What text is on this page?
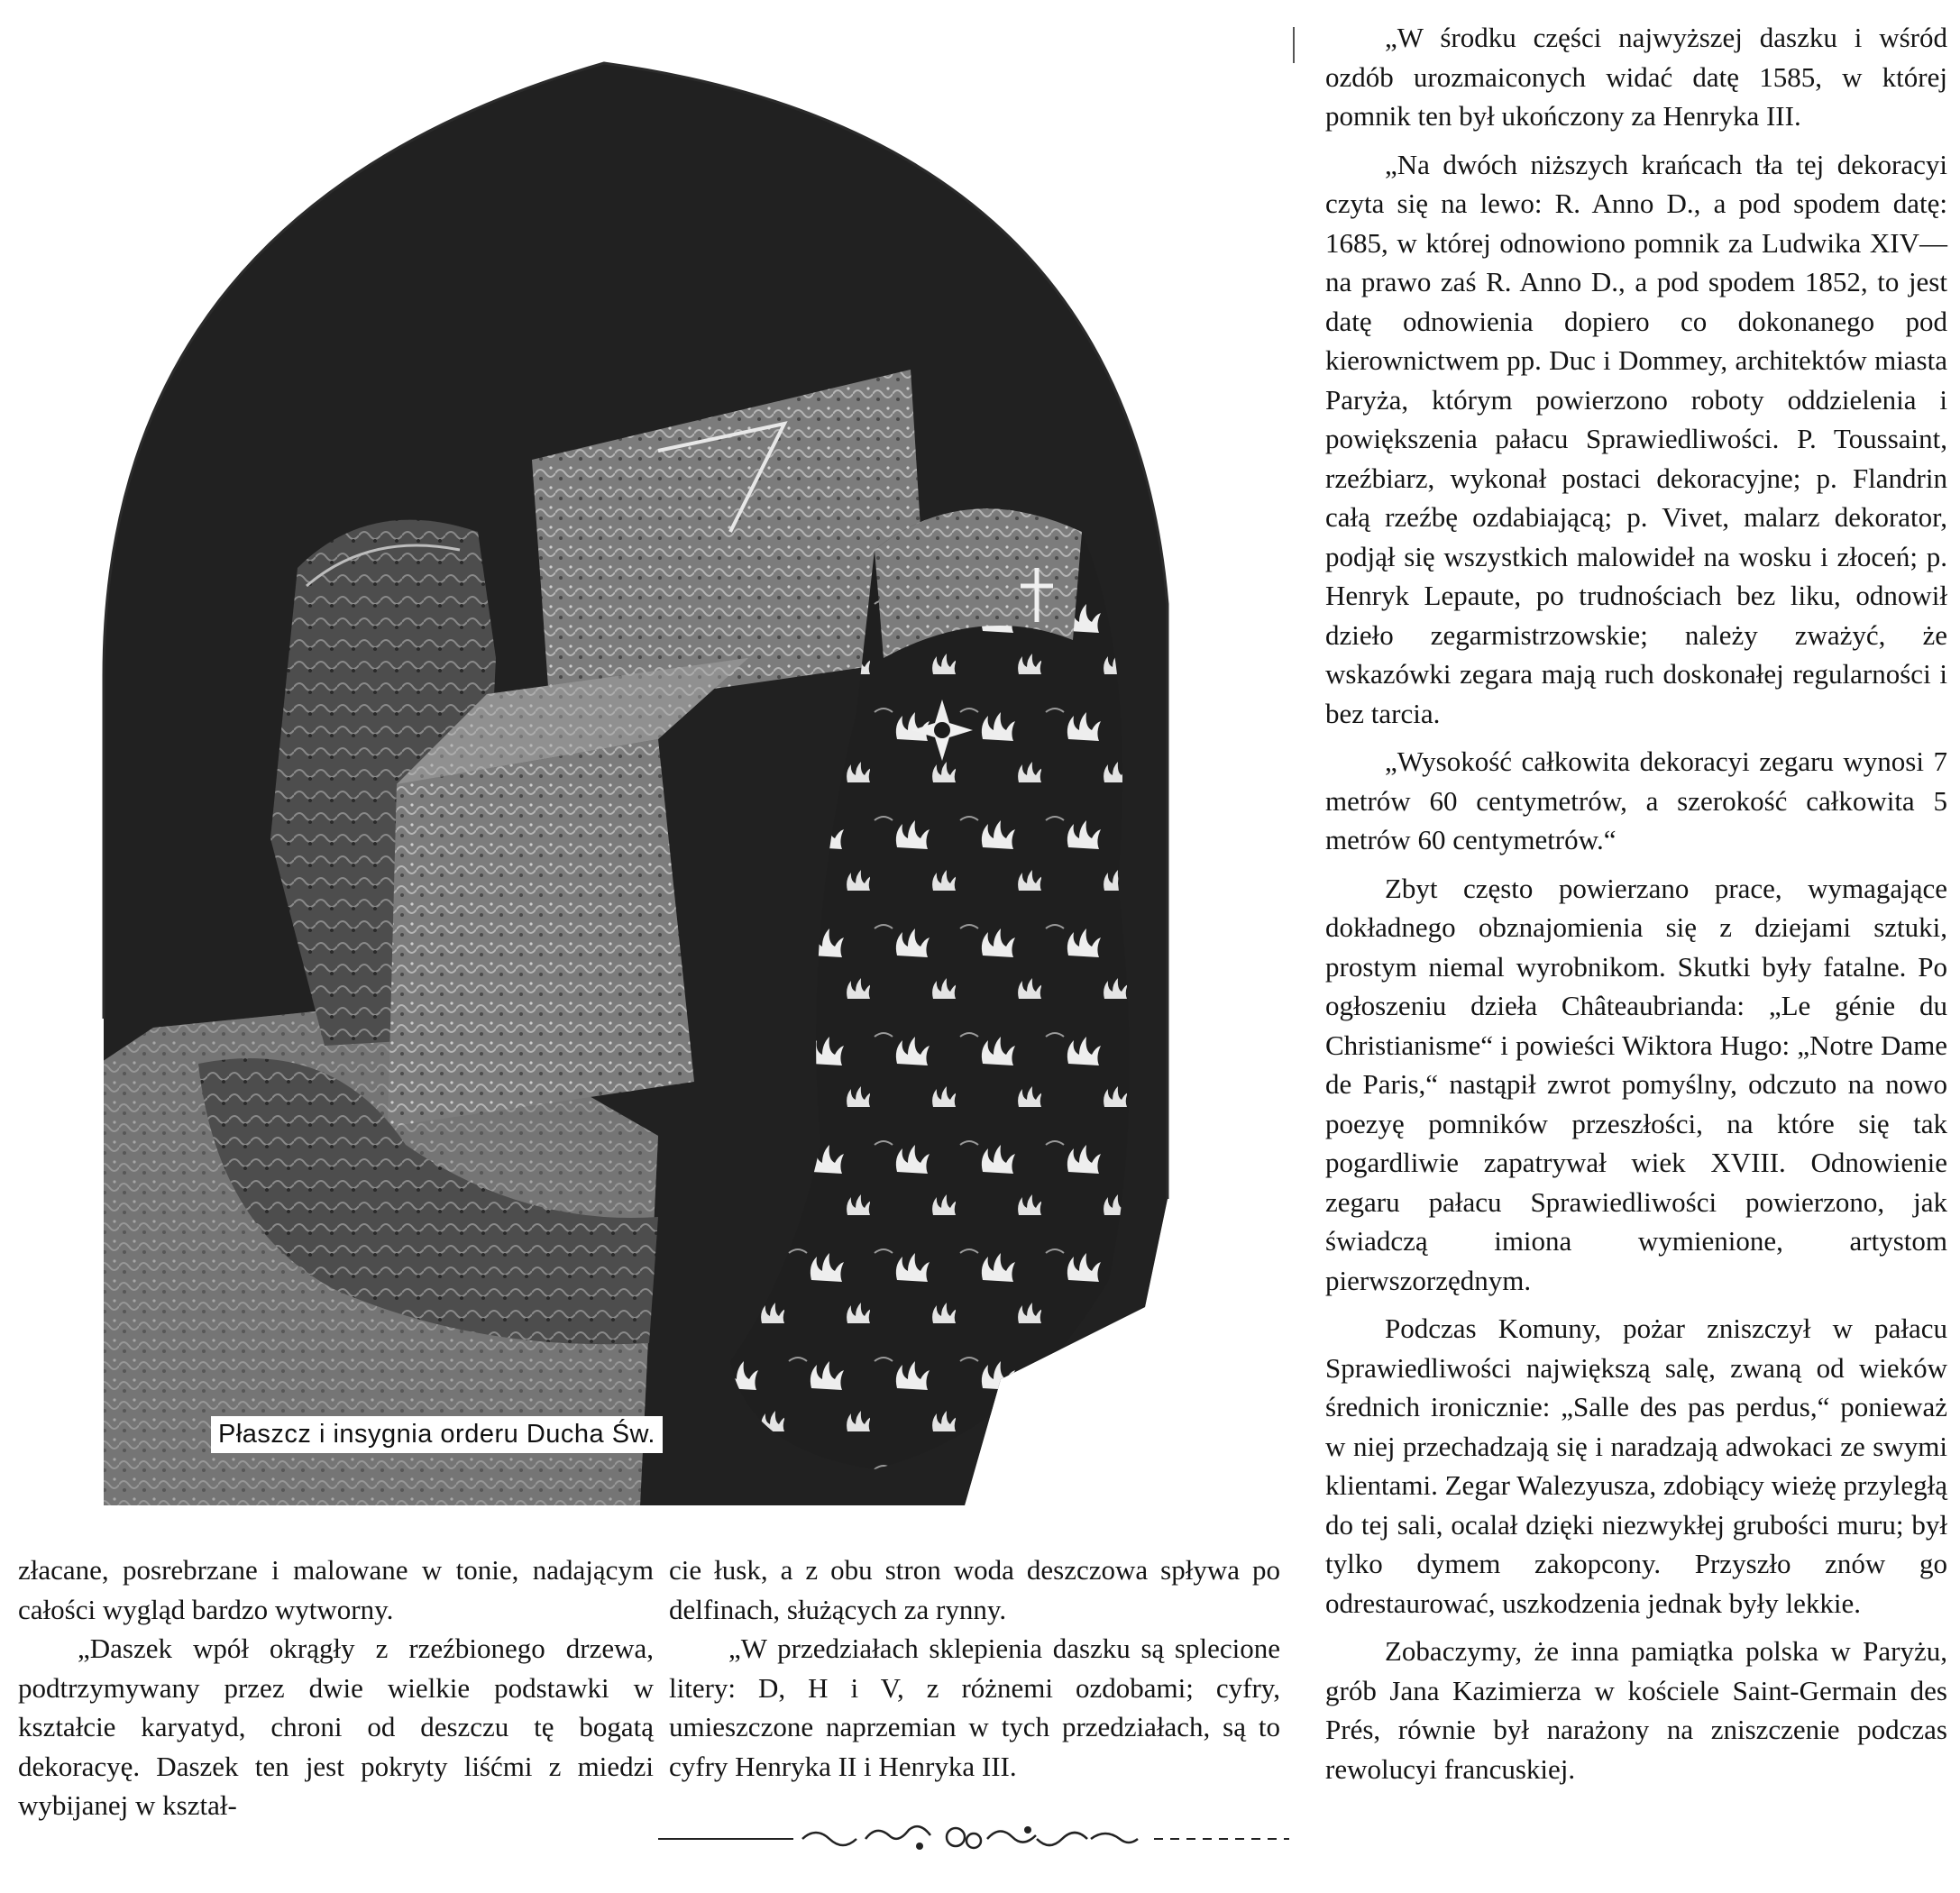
Płaszcz i insygnia orderu Ducha Św.

złacane, posrebrzane i malowane w tonie, nadającym całości wygląd bardzo wytworny.

„Daszek wpół okrągły z rzeźbionego drzewa, podtrzymywany przez dwie wielkie podstawki w kształcie karyatyd, chroni od deszczu tę bogatą dekoracyę. Daszek ten jest pokryty liśćmi z miedzi wybijanej w kształ-

cie łusk, a z obu stron woda deszczowa spływa po delfinach, służących za rynny.

„W przedziałach sklepienia daszku są splecione litery: D, H i V, z różnemi ozdobami; cyfry, umieszczone naprzemian w tych przedziałach, są to cyfry Henryka II i Henryka III.

„W środku części najwyższej daszku i wśród ozdób urozmaiconych widać datę 1585, w której pomnik ten był ukończony za Henryka III.

„Na dwóch niższych krańcach tła tej dekoracyi czyta się na lewo: R. Anno D., a pod spodem datę: 1685, w której odnowiono pomnik za Ludwika XIV—na prawo zaś R. Anno D., a pod spodem 1852, to jest datę odnowienia dopiero co dokonanego pod kierownictwem pp. Duc i Dommey, architektów miasta Paryża, którym powierzono roboty oddzielenia i powiększenia pałacu Sprawiedliwości. P. Toussaint, rzeźbiarz, wykonał postaci dekoracyjne; p. Flandrin całą rzeźbę ozdabiającą; p. Vivet, malarz dekorator, podjął się wszystkich malowideł na wosku i złoceń; p. Henryk Lepaute, po trudnościach bez liku, odnowił dzieło zegarmistrzowskie; należy zważyć, że wskazówki zegara mają ruch doskonałej regularności i bez tarcia.

„Wysokość całkowita dekoracyi zegaru wynosi 7 metrów 60 centymetrów, a szerokość całkowita 5 metrów 60 centymetrów.“

Zbyt często powierzano prace, wymagające dokładnego obznajomienia się z dziejami sztuki, prostym niemal wyrobnikom. Skutki były fatalne. Po ogłoszeniu dzieła Châteaubrianda: „Le génie du Christianisme“ i powieści Wiktora Hugo: „Notre Dame de Paris,“ nastąpił zwrot pomyślny, odczuto na nowo poezyę pomników przeszłości, na które się tak pogardliwie zapatrywał wiek XVIII. Odnowienie zegaru pałacu Sprawiedliwości powierzono, jak świadczą imiona wymienione, artystom pierwszorzędnym.

Podczas Komuny, pożar zniszczył w pałacu Sprawiedliwości największą salę, zwaną od wieków średnich ironicznie: „Salle des pas perdus,“ ponieważ w niej przechadzają się i naradzają adwokaci ze swymi klientami. Zegar Walezyusza, zdobiący wieżę przyległą do tej sali, ocalał dzięki niezwykłej grubości muru; był tylko dymem zakopcony. Przyszło znów go odrestaurować, uszkodzenia jednak były lekkie.

Zobaczymy, że inna pamiątka polska w Paryżu, grób Jana Kazimierza w kościele Saint-Germain des Prés, równie był narażony na zniszczenie podczas rewolucyi francuskiej.
